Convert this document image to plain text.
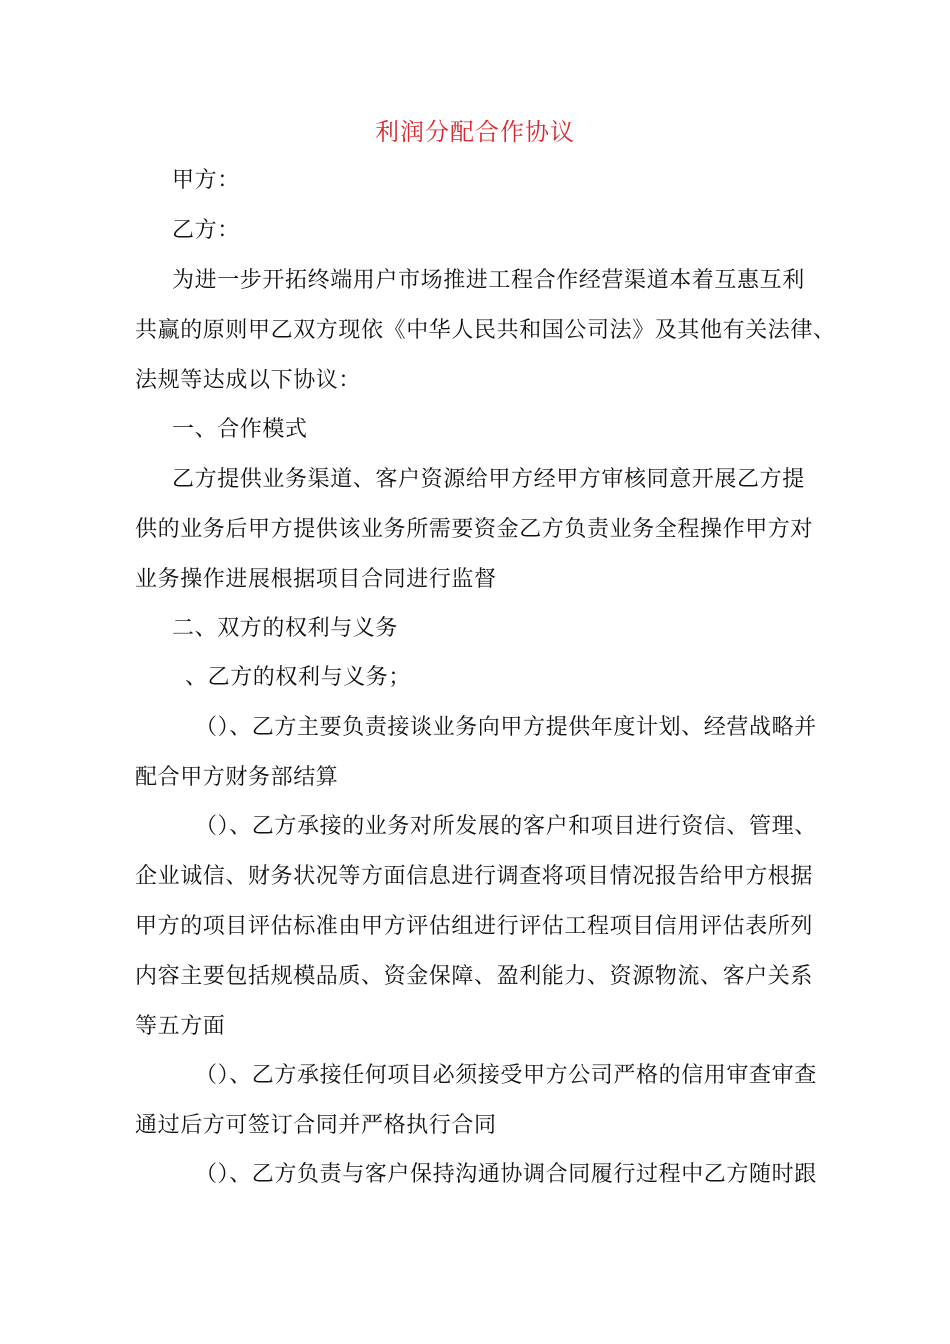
利润分配合作协议
甲方：
乙方：
为进一步开拓终端用户市场推进工程合作经营渠道本着互惠互利
共赢的原则甲乙双方现依《中华人民共和国公司法》及其他有关法律、
法规等达成以下协议：
一、合作模式
乙方提供业务渠道、客户资源给甲方经甲方审核同意开展乙方提
供的业务后甲方提供该业务所需要资金乙方负责业务全程操作甲方对
业务操作进展根据项目合同进行监督
二、双方的权利与义务
、乙方的权利与义务；
（）、乙方主要负责接谈业务向甲方提供年度计划、经营战略并
配合甲方财务部结算
（）、乙方承接的业务对所发展的客户和项目进行资信、管理、
企业诚信、财务状况等方面信息进行调查将项目情况报告给甲方根据
甲方的项目评估标准由甲方评估组进行评估工程项目信用评估表所列
内容主要包括规模品质、资金保障、盈利能力、资源物流、客户关系
等五方面
（）、乙方承接任何项目必须接受甲方公司严格的信用审查审查
通过后方可签订合同并严格执行合同
（）、乙方负责与客户保持沟通协调合同履行过程中乙方随时跟
